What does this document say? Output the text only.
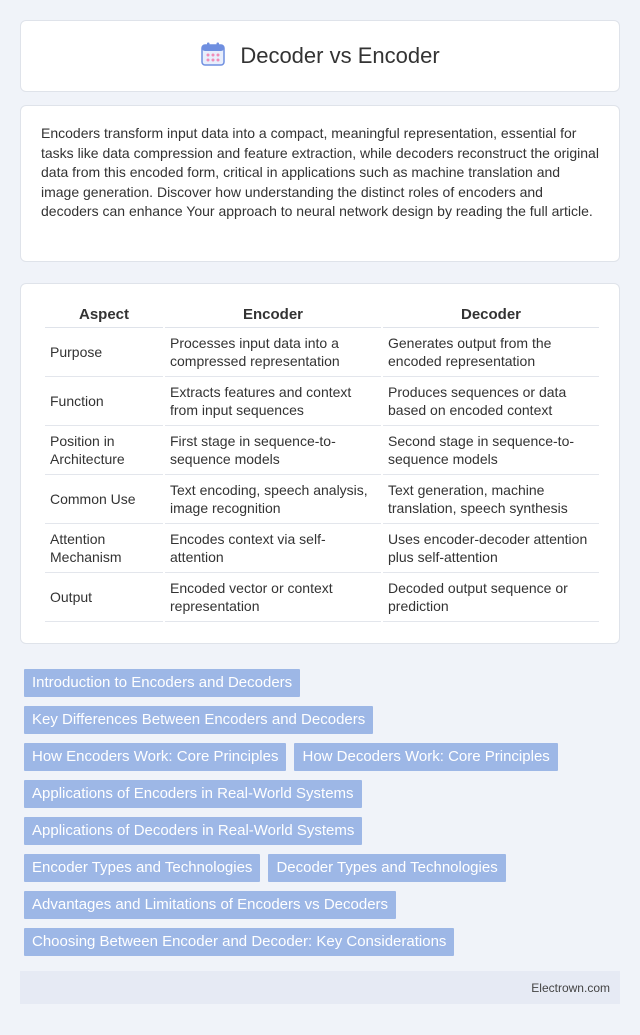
Decoder vs Encoder

Encoders transform input data into a compact, meaningful representation, essential for tasks like data compression and feature extraction, while decoders reconstruct the original data from this encoded form, critical in applications such as machine translation and image generation. Discover how understanding the distinct roles of encoders and decoders can enhance Your approach to neural network design by reading the full article.

Aspect	Encoder	Decoder
Purpose	Processes input data into a compressed representation	Generates output from the encoded representation
Function	Extracts features and context from input sequences	Produces sequences or data based on encoded context
Position in Architecture	First stage in sequence-to-sequence models	Second stage in sequence-to-sequence models
Common Use	Text encoding, speech analysis, image recognition	Text generation, machine translation, speech synthesis
Attention Mechanism	Encodes context via self-attention	Uses encoder-decoder attention plus self-attention
Output	Encoded vector or context representation	Decoded output sequence or prediction
Introduction to Encoders and Decoders
Key Differences Between Encoders and Decoders
How Encoders Work: Core Principles	How Decoders Work: Core Principles
Applications of Encoders in Real-World Systems
Applications of Decoders in Real-World Systems
Encoder Types and Technologies	Decoder Types and Technologies
Advantages and Limitations of Encoders vs Decoders
Choosing Between Encoder and Decoder: Key Considerations
Electrown.com
